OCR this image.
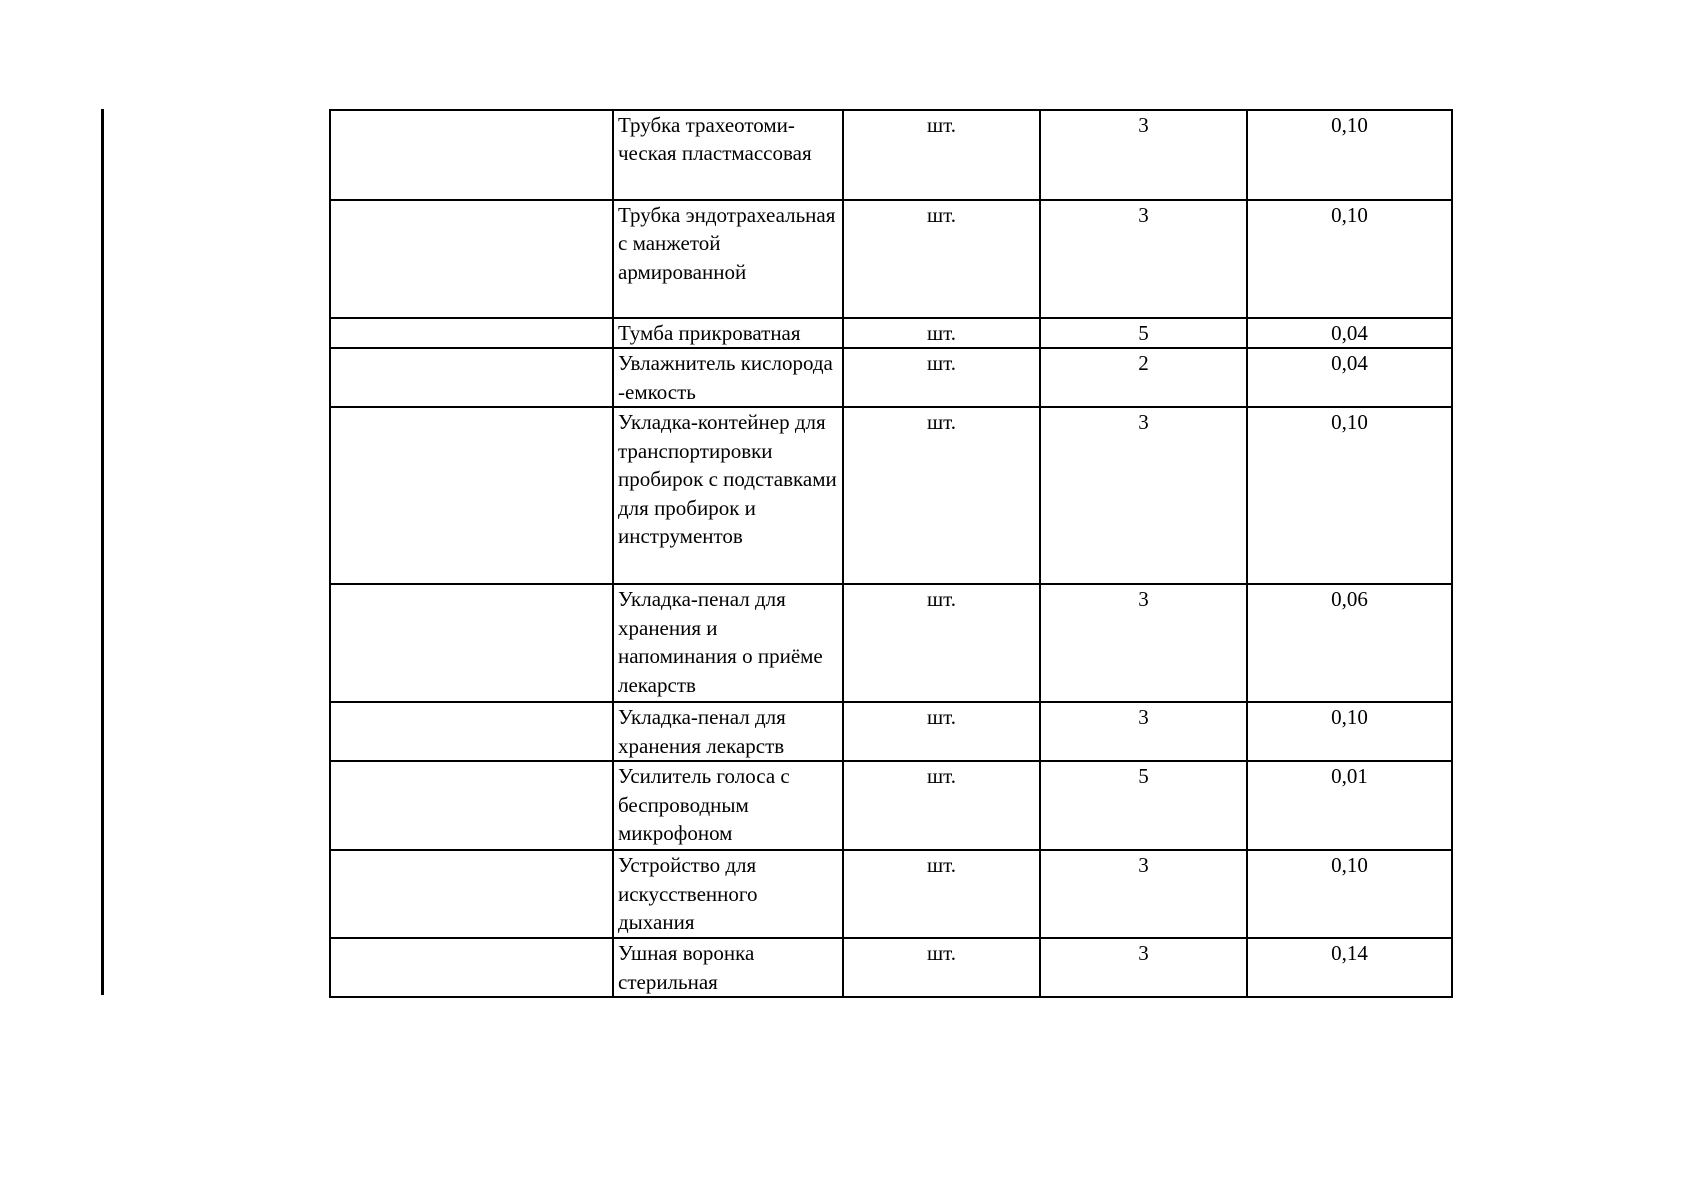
	Трубка трахеотоми-ческая пластмассовая	шт.	3	0,10
	Трубка эндотрахеальная с манжетой армированной	шт.	3	0,10
	Тумба прикроватная	шт.	5	0,04
	Увлажнитель кислорода -емкость	шт.	2	0,04
	Укладка-контейнер для транспортировки пробирок с подставками для пробирок и инструментов	шт.	3	0,10
	Укладка-пенал для хранения и напоминания о приёме лекарств	шт.	3	0,06
	Укладка-пенал для хранения лекарств	шт.	3	0,10
	Усилитель голоса с беспроводным микрофоном	шт.	5	0,01
	Устройство для искусственного дыхания	шт.	3	0,10
	Ушная воронка стерильная	шт.	3	0,14
